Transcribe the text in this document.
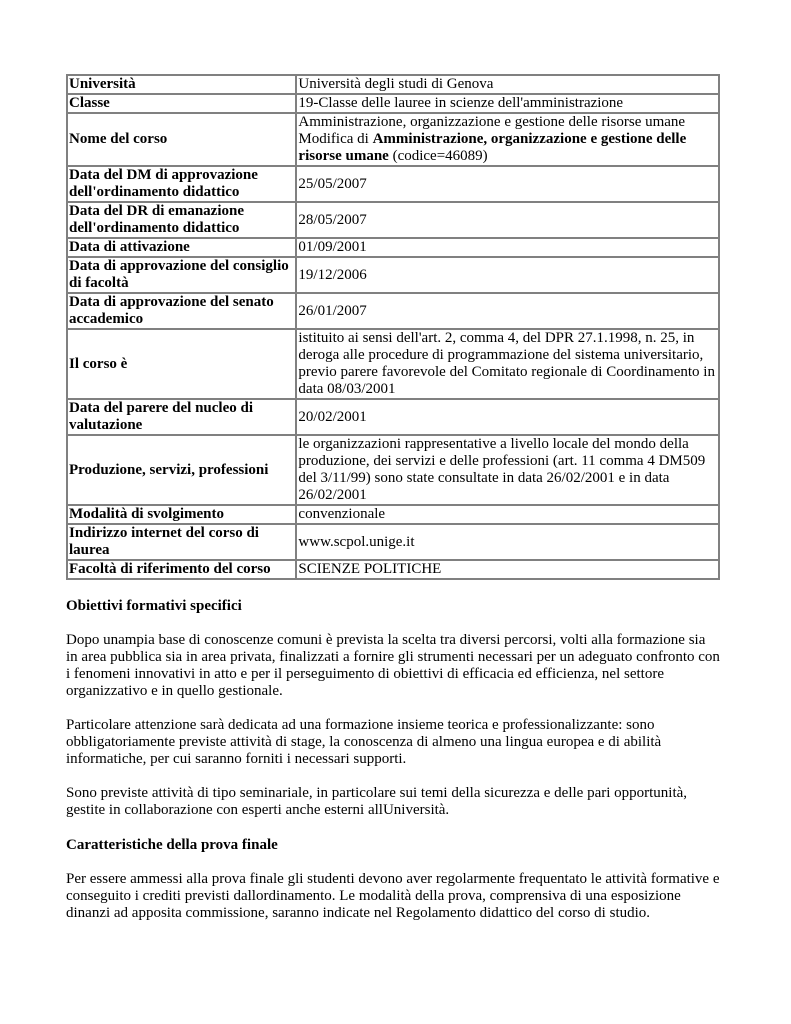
Università	Università degli studi di Genova
Classe	19-Classe delle lauree in scienze dell'amministrazione
Nome del corso	Amministrazione, organizzazione e gestione delle risorse umane
Modifica di Amministrazione, organizzazione e gestione delle risorse umane (codice=46089)
Data del DM di approvazione dell'ordinamento didattico	25/05/2007
Data del DR di emanazione dell'ordinamento didattico	28/05/2007
Data di attivazione	01/09/2001
Data di approvazione del consiglio di facoltà	19/12/2006
Data di approvazione del senato accademico	26/01/2007
Il corso è	istituito ai sensi dell'art. 2, comma 4, del DPR 27.1.1998, n. 25, in deroga alle procedure di programmazione del sistema universitario, previo parere favorevole del Comitato regionale di Coordinamento in data 08/03/2001
Data del parere del nucleo di valutazione	20/02/2001
Produzione, servizi, professioni	le organizzazioni rappresentative a livello locale del mondo della produzione, dei servizi e delle professioni (art. 11 comma 4 DM509 del 3/11/99) sono state consultate in data 26/02/2001 e in data 26/02/2001
Modalità di svolgimento	convenzionale
Indirizzo internet del corso di laurea	www.scpol.unige.it
Facoltà di riferimento del corso	SCIENZE POLITICHE
Obiettivi formativi specifici

Dopo unampia base di conoscenze comuni è prevista la scelta tra diversi percorsi, volti alla formazione sia in area pubblica sia in area privata, finalizzati a fornire gli strumenti necessari per un adeguato confronto con i fenomeni innovativi in atto e per il perseguimento di obiettivi di efficacia ed efficienza, nel settore organizzativo e in quello gestionale.

Particolare attenzione sarà dedicata ad una formazione insieme teorica e professionalizzante: sono obbligatoriamente previste attività di stage, la conoscenza di almeno una lingua europea e di abilità informatiche, per cui saranno forniti i necessari supporti.

Sono previste attività di tipo seminariale, in particolare sui temi della sicurezza e delle pari opportunità, gestite in collaborazione con esperti anche esterni allUniversità.

Caratteristiche della prova finale

Per essere ammessi alla prova finale gli studenti devono aver regolarmente frequentato le attività formative e conseguito i crediti previsti dallordinamento. Le modalità della prova, comprensiva di una esposizione dinanzi ad apposita commissione, saranno indicate nel Regolamento didattico del corso di studio.
